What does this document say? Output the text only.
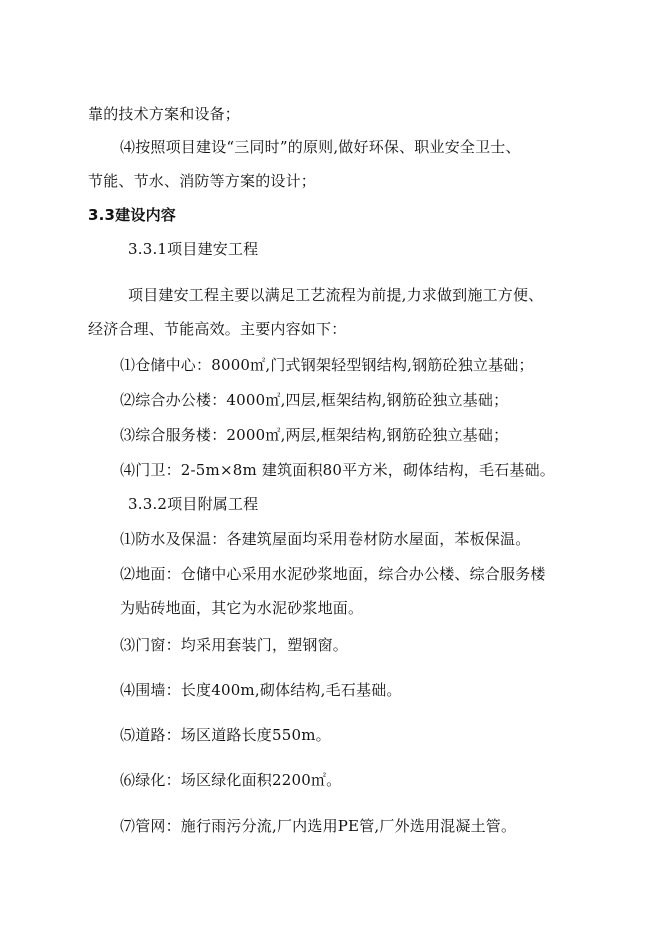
靠的技术方案和设备；
⑷按照项目建设“三同时”的原则,做好环保、职业安全卫士、
节能、节水、消防等方案的设计；
3.3建设内容
3.3.1项目建安工程
项目建安工程主要以满足工艺流程为前提,力求做到施工方便、
经济合理、节能高效。主要内容如下：
⑴仓储中心：8000㎡,门式钢架轻型钢结构,钢筋砼独立基础；
⑵综合办公楼：4000㎡,四层,框架结构,钢筋砼独立基础；
⑶综合服务楼：2000㎡,两层,框架结构,钢筋砼独立基础；
⑷门卫：2-5m×8m 建筑面积80平方米，砌体结构，毛石基础。
3.3.2项目附属工程
⑴防水及保温：各建筑屋面均采用卷材防水屋面，苯板保温。
⑵地面：仓储中心采用水泥砂浆地面，综合办公楼、综合服务楼
为贴砖地面，其它为水泥砂浆地面。
⑶门窗：均采用套装门，塑钢窗。
⑷围墙：长度400m,砌体结构,毛石基础。
⑸道路：场区道路长度550m。
⑹绿化：场区绿化面积2200㎡。
⑺管网：施行雨污分流,厂内选用PE管,厂外选用混凝土管。
